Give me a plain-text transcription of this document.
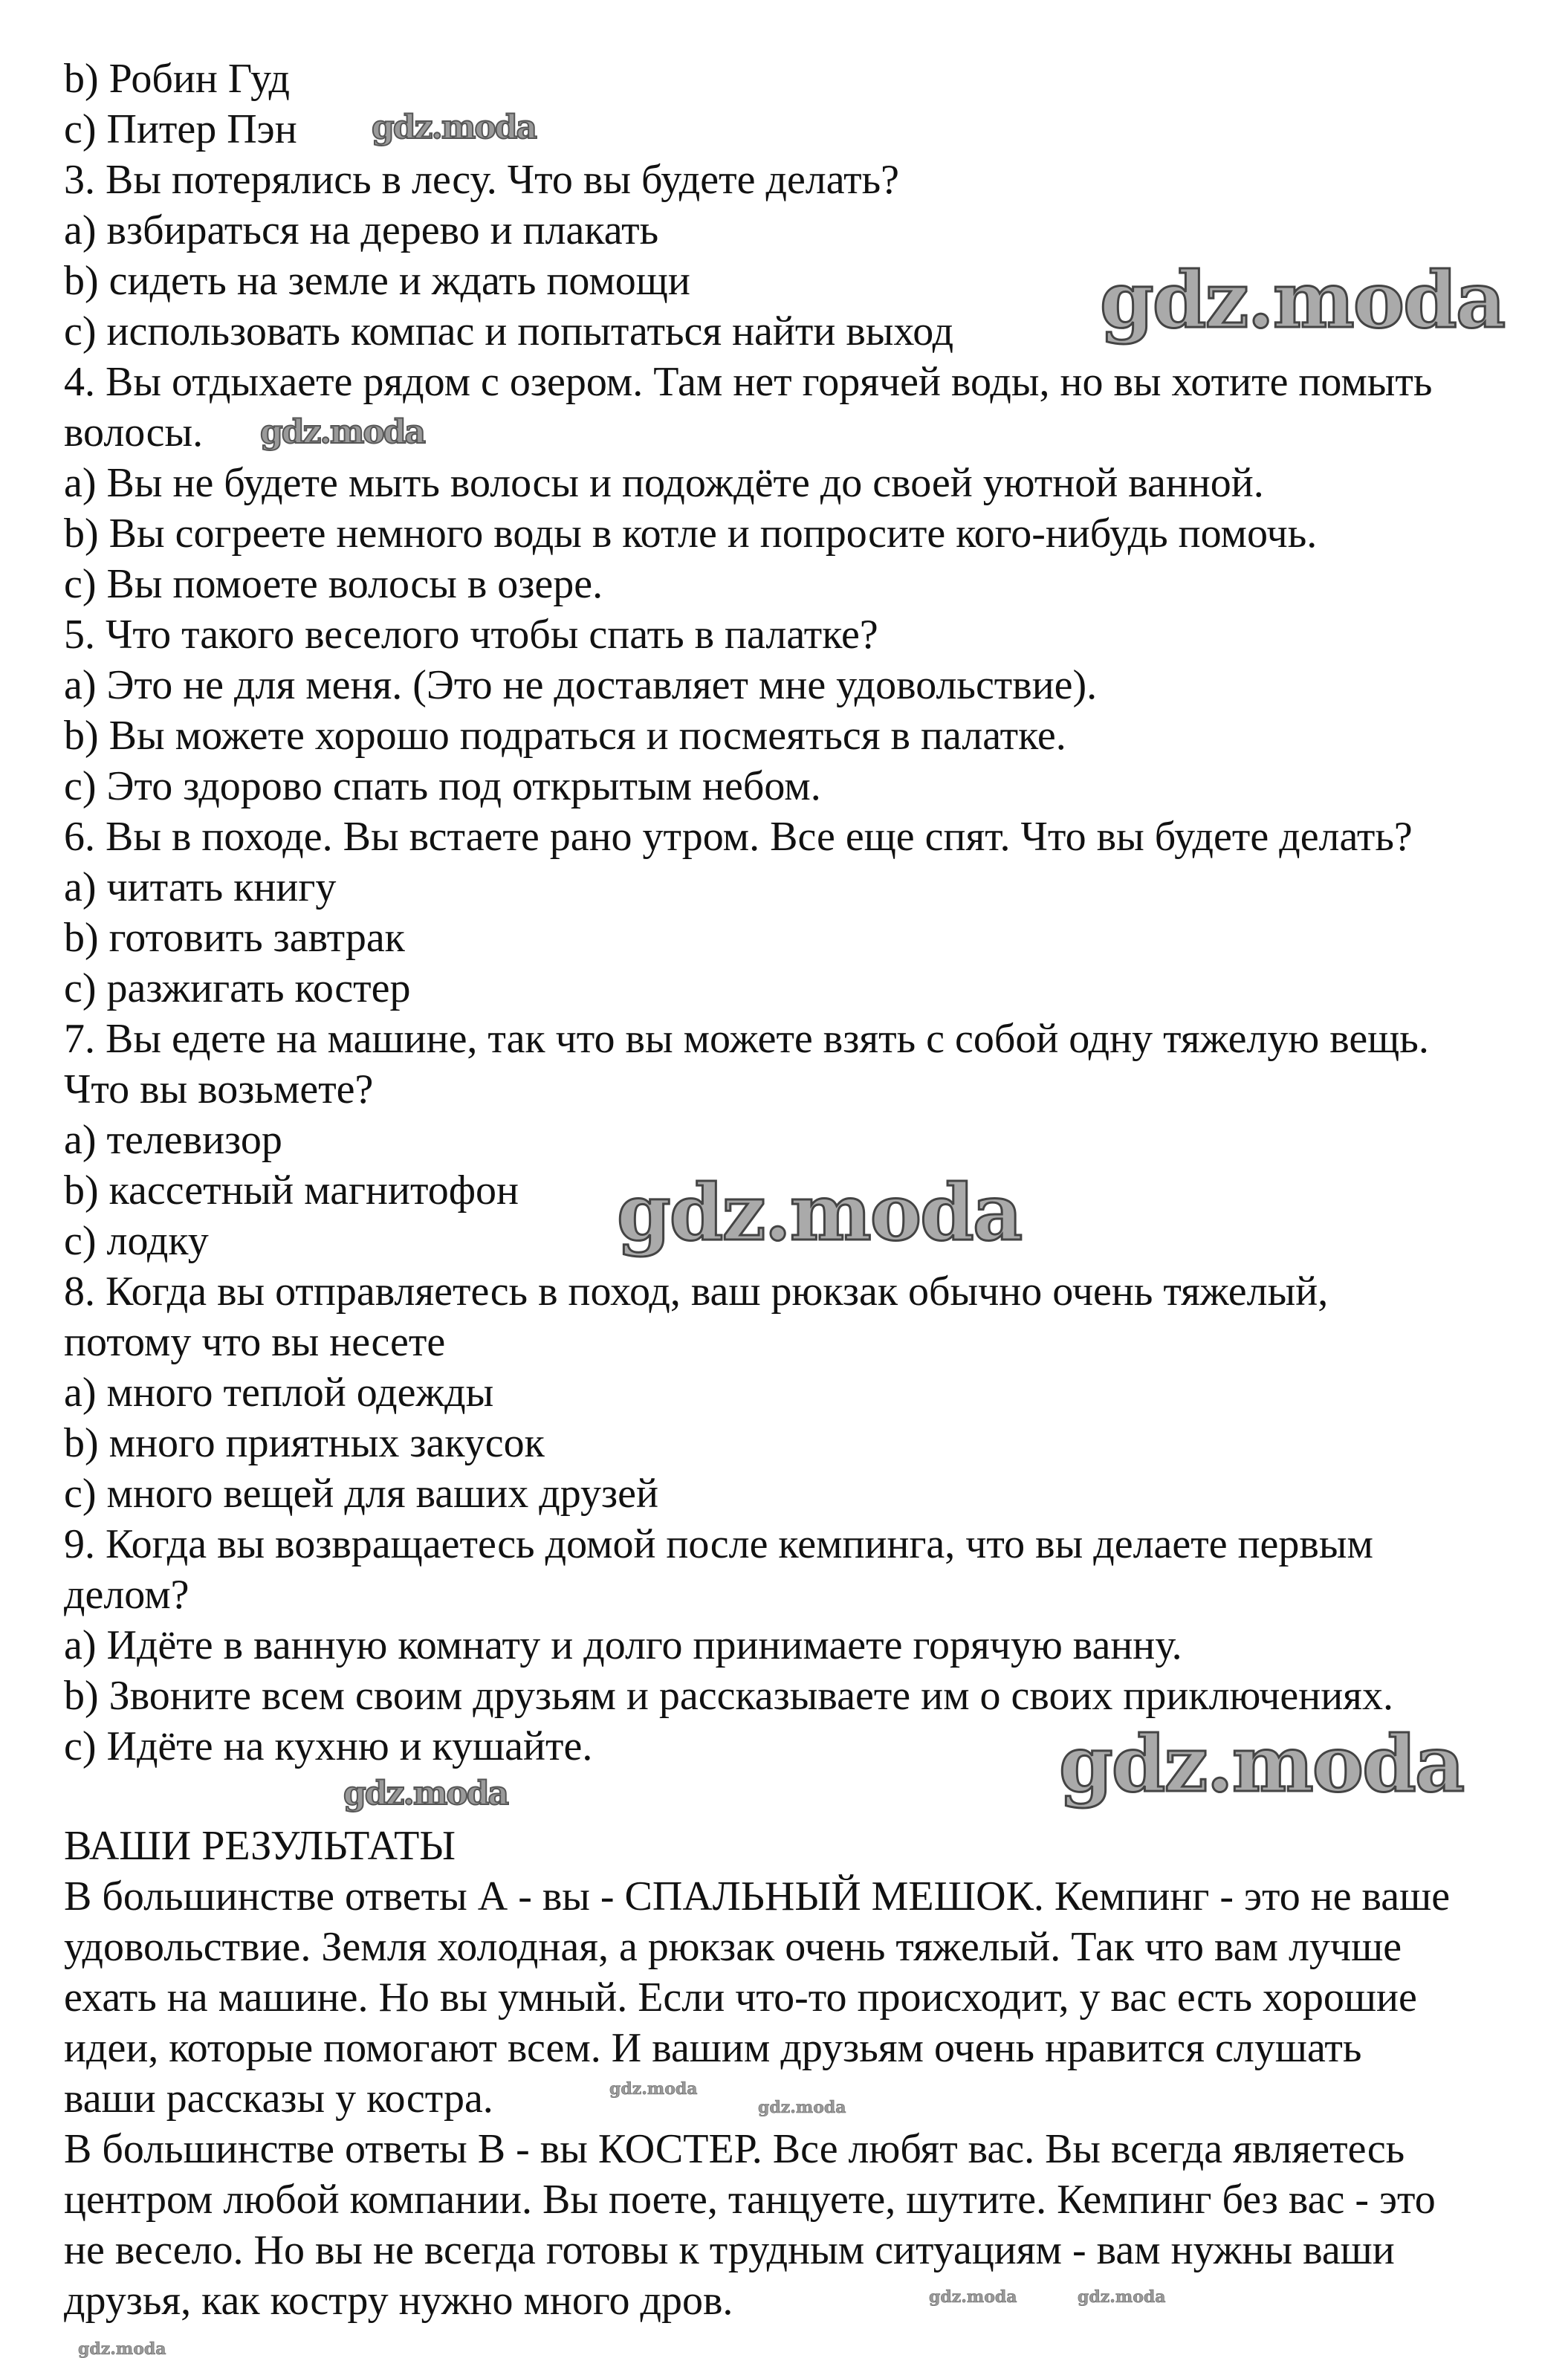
b) Робин Гуд
c) Питер Пэн
3. Вы потерялись в лесу. Что вы будете делать?
a) взбираться на дерево и плакать
b) сидеть на земле и ждать помощи
c) использовать компас и попытаться найти выход
4. Вы отдыхаете рядом с озером. Там нет горячей воды, но вы хотите помыть
волосы.
a) Вы не будете мыть волосы и подождёте до своей уютной ванной.
b) Вы согреете немного воды в котле и попросите кого-нибудь помочь.
c) Вы помоете волосы в озере.
5. Что такого веселого чтобы спать в палатке?
a) Это не для меня. (Это не доставляет мне удовольствие).
b) Вы можете хорошо подраться и посмеяться в палатке.
c) Это здорово спать под открытым небом.
6. Вы в походе. Вы встаете рано утром. Все еще спят. Что вы будете делать?
a) читать книгу
b) готовить завтрак
c) разжигать костер
7. Вы едете на машине, так что вы можете взять с собой одну тяжелую вещь.
Что вы возьмете?
a) телевизор
b) кассетный магнитофон
c) лодку
8. Когда вы отправляетесь в поход, ваш рюкзак обычно очень тяжелый,
потому что вы несете
a) много теплой одежды
b) много приятных закусок
c) много вещей для ваших друзей
9. Когда вы возвращаетесь домой после кемпинга, что вы делаете первым
делом?
a) Идёте в ванную комнату и долго принимаете горячую ванну.
b) Звоните всем своим друзьям и рассказываете им о своих приключениях.
c) Идёте на кухню и кушайте.
ВАШИ РЕЗУЛЬТАТЫ
В большинстве ответы А - вы - СПАЛЬНЫЙ МЕШОК. Кемпинг - это не ваше
удовольствие. Земля холодная, а рюкзак очень тяжелый. Так что вам лучше
ехать на машине. Но вы умный. Если что-то происходит, у вас есть хорошие
идеи, которые помогают всем. И вашим друзьям очень нравится слушать
ваши рассказы у костра.
В большинстве ответы В - вы КОСТЕР. Все любят вас. Вы всегда являетесь
центром любой компании. Вы поете, танцуете, шутите. Кемпинг без вас - это
не весело. Но вы не всегда готовы к трудным ситуациям - вам нужны ваши
друзья, как костру нужно много дров.
gdz.moda
gdz.moda
gdz.moda
gdz.moda
gdz.moda	gdz.moda
gdz.moda
gdz.moda
gdz.moda	gdz.moda
gdz.moda
